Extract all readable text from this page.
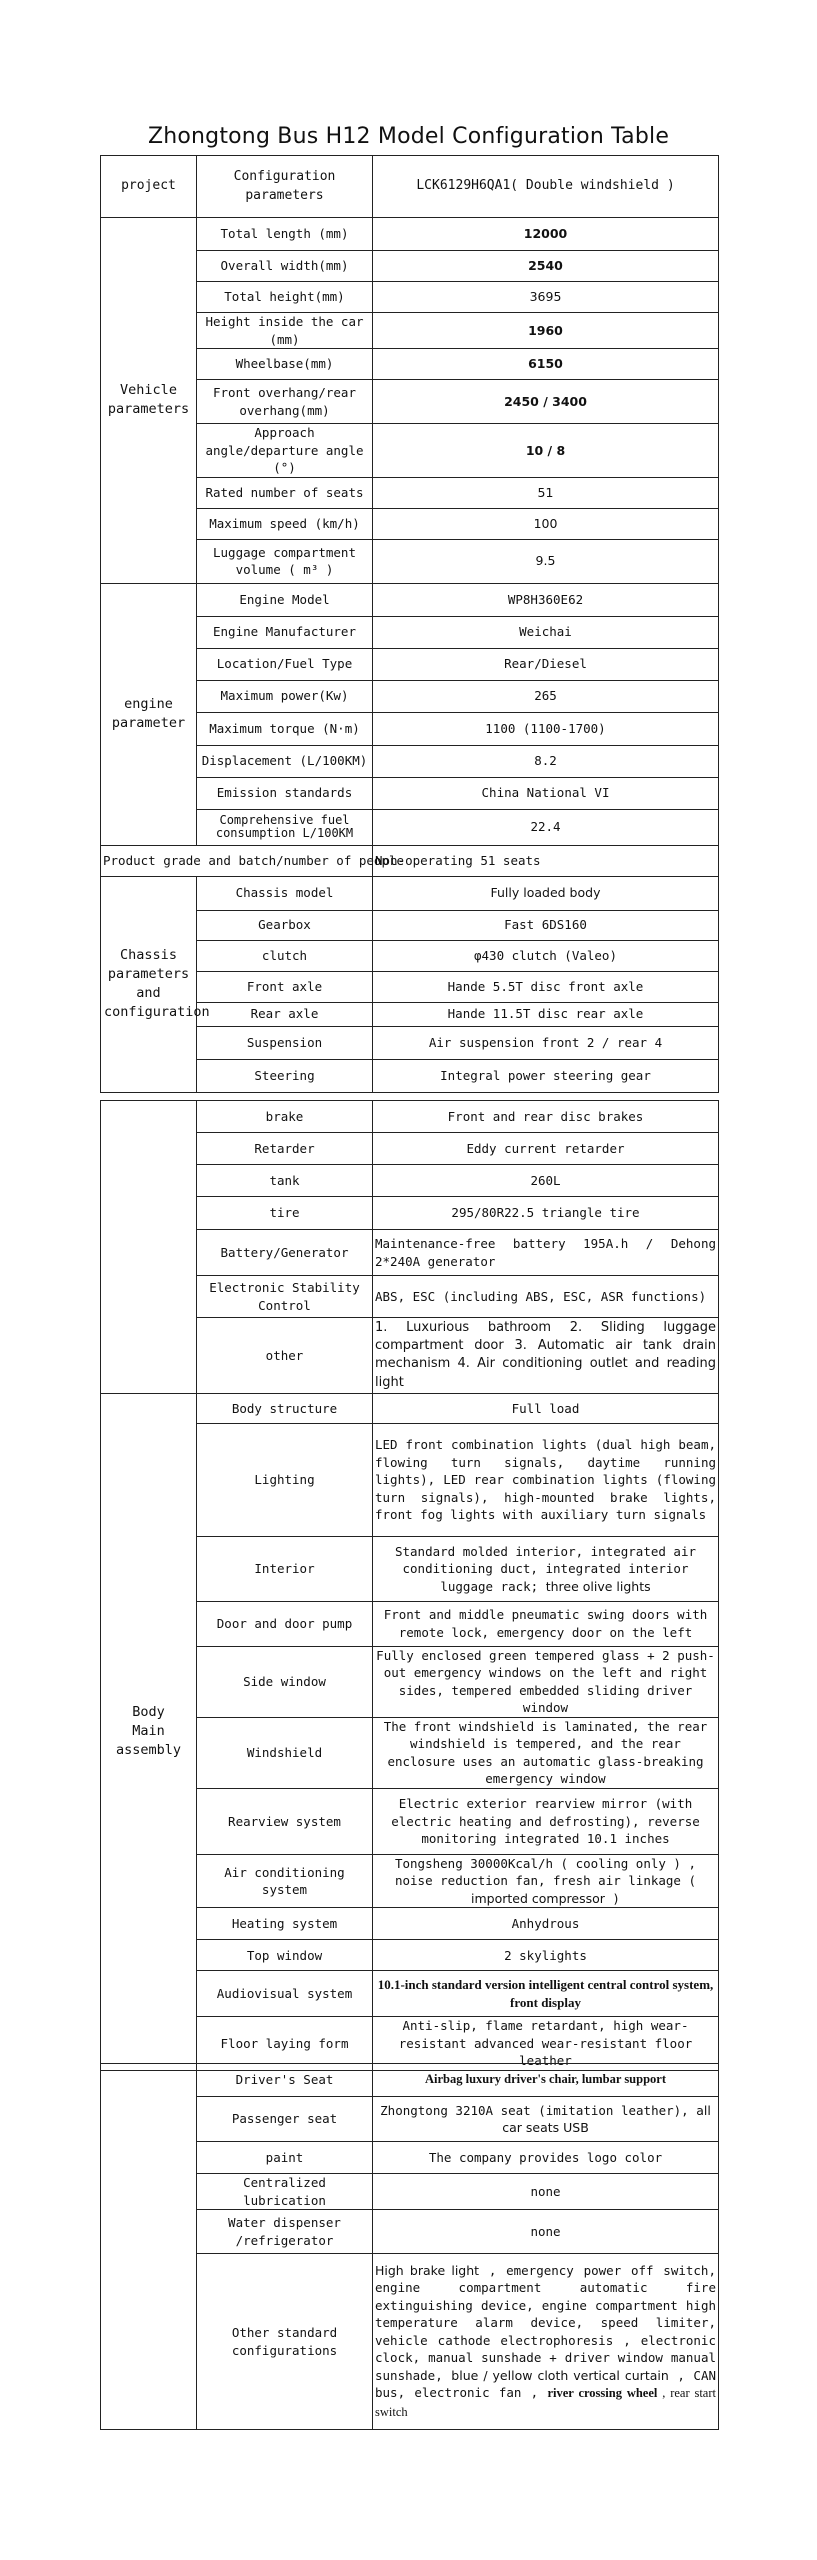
Zhongtong Bus H12 Model Configuration Table
project	Configuration parameters	LCK6129H6QA1( Double windshield )
Vehicle
parameters	Total length (mm)	12000
	Overall width(mm)	2540
	Total height(mm)	3695
	Height inside the car (mm)	1960
	Wheelbase(mm)	6150
	Front overhang/rear overhang(mm)	2450 / 3400
	Approach angle/departure angle (°)	10 / 8
	Rated number of seats	51
	Maximum speed (km/h)	100
	Luggage compartment volume ( m³ )	9.5
engine
parameter	Engine Model	WP8H360E62
	Engine Manufacturer	Weichai
	Location/Fuel Type	Rear/Diesel
	Maximum power(Kw)	265
	Maximum torque (N·m)	1100 (1100-1700)
	Displacement (L/100KM)	8.2
	Emission standards	China National VI
	Comprehensive fuel consumption L/100KM	22.4
Product grade and batch/number of people		Non-operating 51 seats
Chassis
parameters
and
configuration	Chassis model	Fully loaded body
	Gearbox	Fast 6DS160
	clutch	φ430 clutch (Valeo)
	Front axle	Hande 5.5T disc front axle
	Rear axle	Hande 11.5T disc rear axle
	Suspension	Air suspension front 2 / rear 4
	Steering	Integral power steering gear
	brake	Front and rear disc brakes
	Retarder	Eddy current retarder
	tank	260L
	tire	295/80R22.5 triangle tire
	Battery/Generator	Maintenance-free battery 195A.h / Dehong 2*240A generator
	Electronic Stability Control	ABS, ESC (including ABS, ESC, ASR functions)
	other	1. Luxurious bathroom 2. Sliding luggage compartment door 3. Automatic air tank drain mechanism 4. Air conditioning outlet and reading light
Body
Main assembly	Body structure	Full load
	Lighting	LED front combination lights (dual high beam, flowing turn signals, daytime running lights), LED rear combination lights (flowing turn signals), high-mounted brake lights, front fog lights with auxiliary turn signals
	Interior	Standard molded interior, integrated air conditioning duct, integrated interior luggage rack; three olive lights
	Door and door pump	Front and middle pneumatic swing doors with remote lock, emergency door on the left
	Side window	Fully enclosed green tempered glass + 2 push-out emergency windows on the left and right sides, tempered embedded sliding driver window
	Windshield	The front windshield is laminated, the rear windshield is tempered, and the rear enclosure uses an automatic glass-breaking emergency window
	Rearview system	Electric exterior rearview mirror (with electric heating and defrosting), reverse monitoring integrated 10.1 inches
	Air conditioning system	Tongsheng 30000Kcal/h ( cooling only ) , noise reduction fan, fresh air linkage ( imported compressor )
	Heating system	Anhydrous
	Top window	2 skylights
	Audiovisual system	10.1-inch standard version intelligent central control system, front display
	Floor laying form	Anti-slip, flame retardant, high wear-resistant advanced wear-resistant floor leather
	Driver's Seat	Airbag luxury driver's chair, lumbar support
	Passenger seat	Zhongtong 3210A seat (imitation leather), all car seats USB
	paint	The company provides logo color
	Centralized lubrication	none
	Water dispenser /refrigerator	none
	Other standard configurations	High brake light , emergency power off switch, engine compartment automatic fire extinguishing device, engine compartment high temperature alarm device, speed limiter, vehicle cathode electrophoresis , electronic clock, manual sunshade + driver window manual sunshade, blue / yellow cloth vertical curtain , CAN bus, electronic fan , river crossing wheel , rear start switch
